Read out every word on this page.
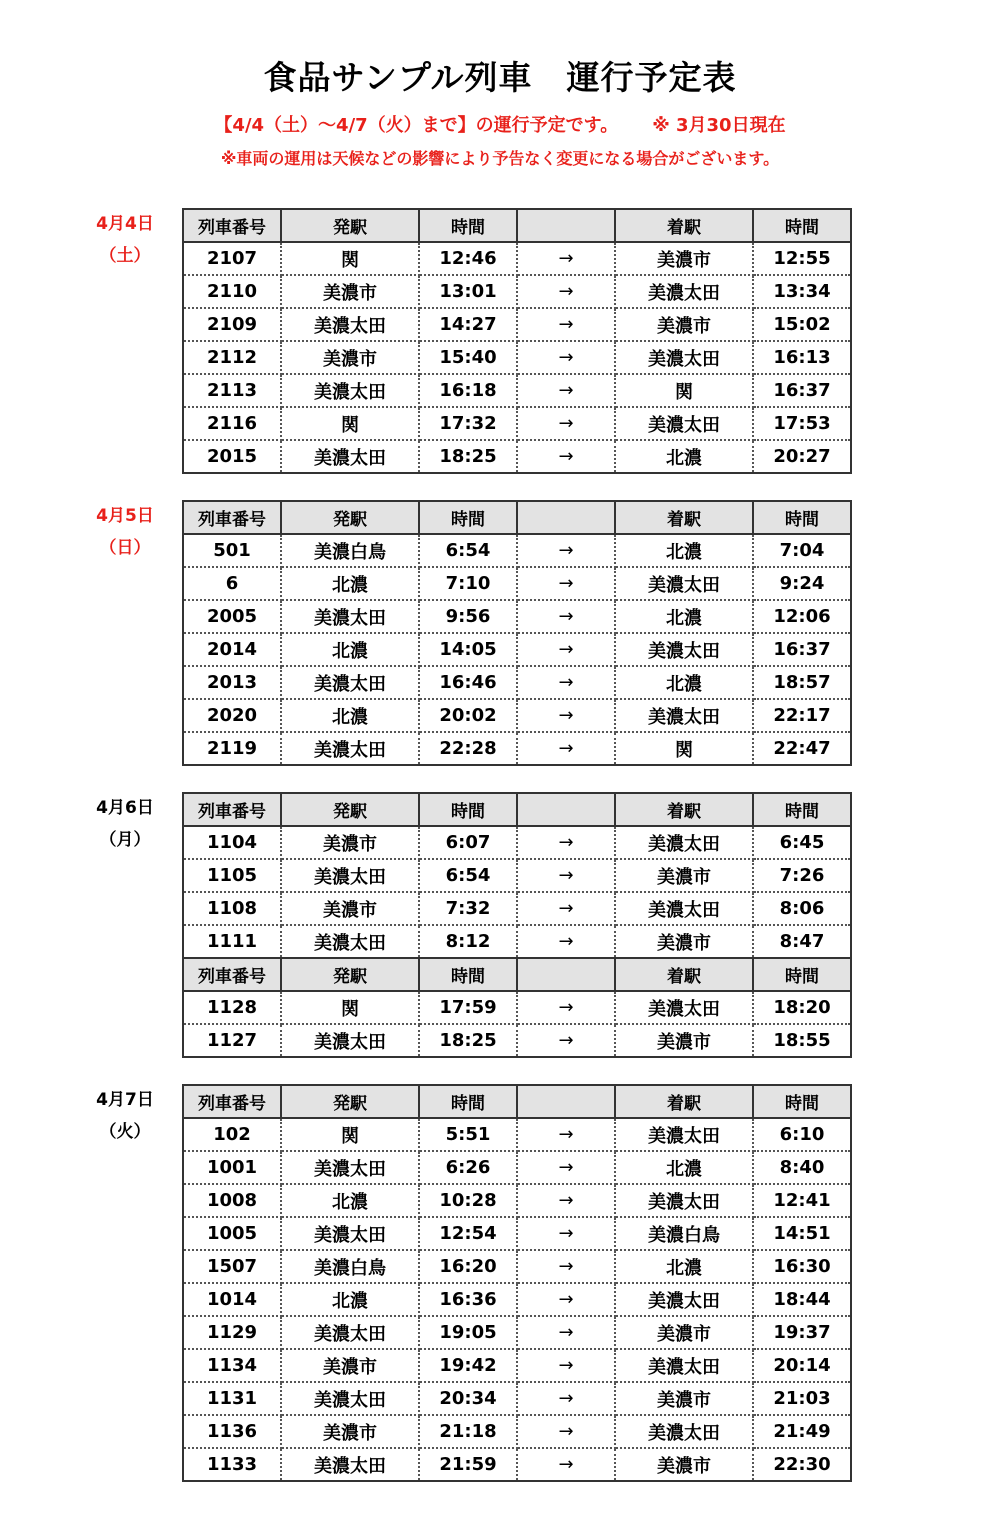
食品サンプル列車 運行予定表
【4/4（土）～4/7（火）まで】の運行予定です。 ※ 3月30日現在
※車両の運用は天候などの影響により予告なく変更になる場合がございます。
4月4日
（土）
列車番号	発駅	時間		着駅	時間
2107	関	12:46	→	美濃市	12:55
2110	美濃市	13:01	→	美濃太田	13:34
2109	美濃太田	14:27	→	美濃市	15:02
2112	美濃市	15:40	→	美濃太田	16:13
2113	美濃太田	16:18	→	関	16:37
2116	関	17:32	→	美濃太田	17:53
2015	美濃太田	18:25	→	北濃	20:27
4月5日
（日）
列車番号	発駅	時間		着駅	時間
501	美濃白鳥	6:54	→	北濃	7:04
6	北濃	7:10	→	美濃太田	9:24
2005	美濃太田	9:56	→	北濃	12:06
2014	北濃	14:05	→	美濃太田	16:37
2013	美濃太田	16:46	→	北濃	18:57
2020	北濃	20:02	→	美濃太田	22:17
2119	美濃太田	22:28	→	関	22:47
4月6日
（月）
列車番号	発駅	時間		着駅	時間
1104	美濃市	6:07	→	美濃太田	6:45
1105	美濃太田	6:54	→	美濃市	7:26
1108	美濃市	7:32	→	美濃太田	8:06
1111	美濃太田	8:12	→	美濃市	8:47
列車番号	発駅	時間		着駅	時間
1128	関	17:59	→	美濃太田	18:20
1127	美濃太田	18:25	→	美濃市	18:55
4月7日
（火）
列車番号	発駅	時間		着駅	時間
102	関	5:51	→	美濃太田	6:10
1001	美濃太田	6:26	→	北濃	8:40
1008	北濃	10:28	→	美濃太田	12:41
1005	美濃太田	12:54	→	美濃白鳥	14:51
1507	美濃白鳥	16:20	→	北濃	16:30
1014	北濃	16:36	→	美濃太田	18:44
1129	美濃太田	19:05	→	美濃市	19:37
1134	美濃市	19:42	→	美濃太田	20:14
1131	美濃太田	20:34	→	美濃市	21:03
1136	美濃市	21:18	→	美濃太田	21:49
1133	美濃太田	21:59	→	美濃市	22:30
